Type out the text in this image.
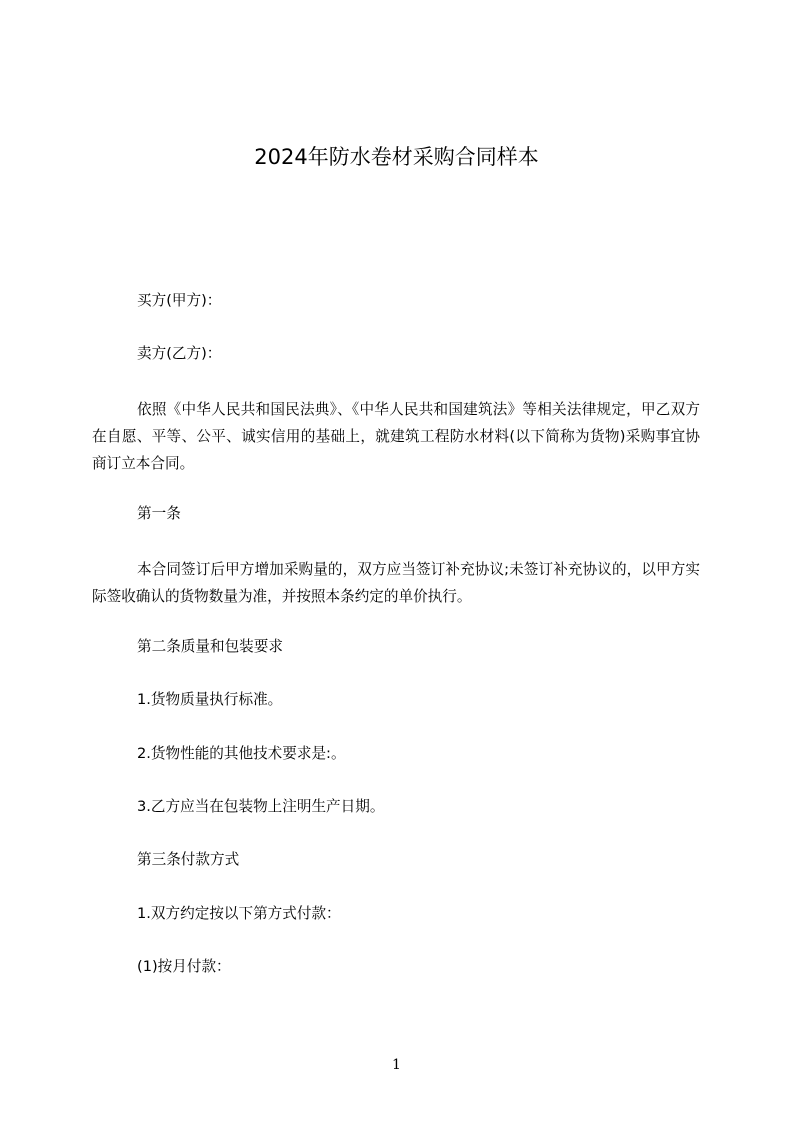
2024年防水卷材采购合同样本
买方(甲方)：
卖方(乙方)：
依照《中华人民共和国民法典》、《中华人民共和国建筑法》等相关法律规定，甲乙双方在自愿、平等、公平、诚实信用的基础上，就建筑工程防水材料(以下简称为货物)采购事宜协商订立本合同。
第一条
本合同签订后甲方增加采购量的，双方应当签订补充协议;未签订补充协议的，以甲方实际签收确认的货物数量为准，并按照本条约定的单价执行。
第二条质量和包装要求
1.货物质量执行标准。
2.货物性能的其他技术要求是:。
3.乙方应当在包装物上注明生产日期。
第三条付款方式
1.双方约定按以下第方式付款：
(1)按月付款：
1
